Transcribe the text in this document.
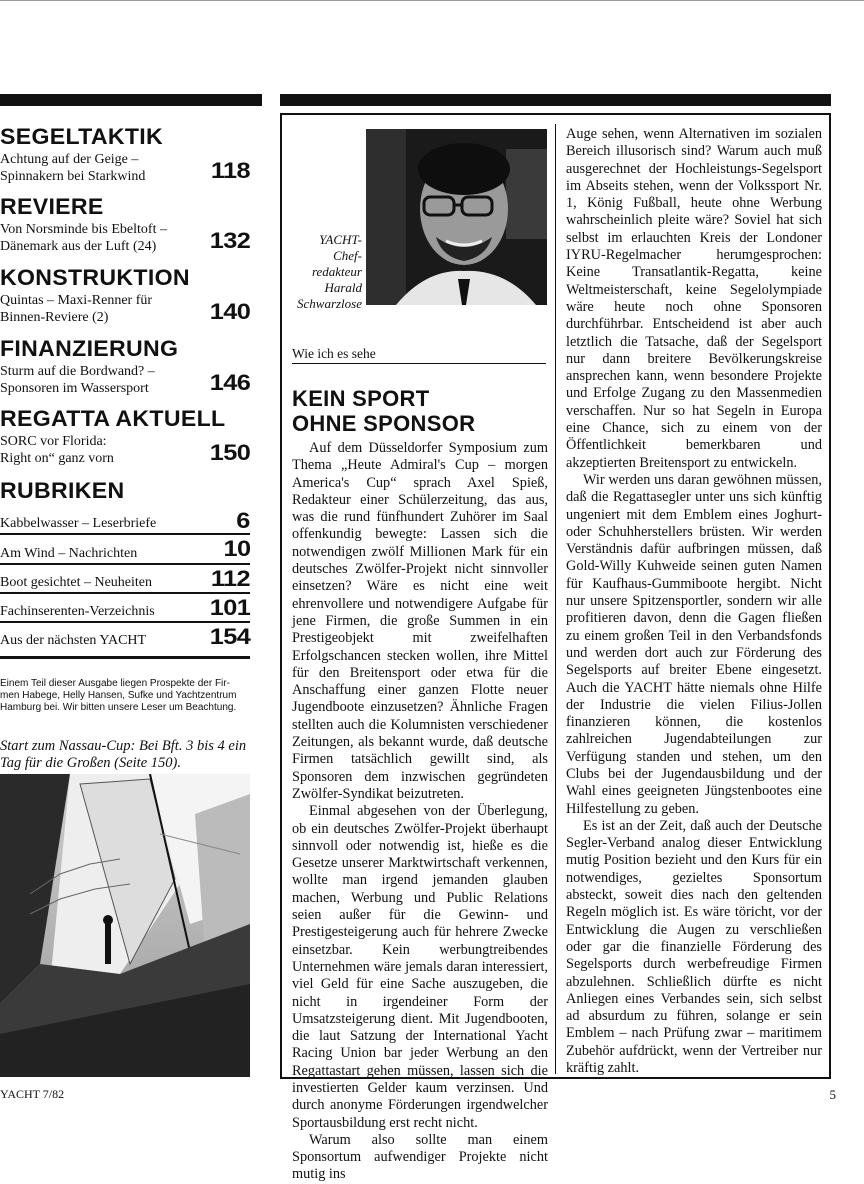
SEGELTAKTIK
Achtung auf der Geige –
Spinnakern bei Starkwind	118
REVIERE
Von Norsminde bis Ebeltoft –
Dänemark aus der Luft (24)	132
KONSTRUKTION
Quintas – Maxi-Renner für
Binnen-Reviere (2)	140
FINANZIERUNG
Sturm auf die Bordwand? –
Sponsoren im Wassersport	146
REGATTA AKTUELL
SORC vor Florida:
Right on“ ganz vorn	150
RUBRIKEN
Kabbelwasser – Leserbriefe	6
Am Wind – Nachrichten	10
Boot gesichtet – Neuheiten	112
Fachinserenten-Verzeichnis 101
Aus der nächsten YACHT	154
Einem Teil dieser Ausgabe liegen Prospekte der Fir-
men Habege, Helly Hansen, Sufke und Yachtzentrum
Hamburg bei. Wir bitten unsere Leser um Beachtung.
Start zum Nassau-Cup: Bei Bft. 3 bis 4 ein
Tag für die Großen (Seite 150).
YACHT 7/82	5
YACHT-
Chef-
redakteur
Harald
Schwarzlose
Wie ich es sehe
KEIN SPORT
OHNE SPONSOR

Auf dem Düsseldorfer Symposium zum Thema „Heute Admiral's Cup – morgen America's Cup“ sprach Axel Spieß, Redakteur einer Schülerzeitung, das aus, was die rund fünfhundert Zuhörer im Saal offenkundig bewegte: Lassen sich die notwendigen zwölf Millionen Mark für ein deutsches Zwölfer-Projekt nicht sinnvoller einsetzen? Wäre es nicht eine weit ehrenvollere und notwendigere Aufgabe für jene Firmen, die große Summen in ein Prestigeobjekt mit zweifelhaften Erfolgschancen stecken wollen, ihre Mittel für den Breitensport oder etwa für die Anschaffung einer ganzen Flotte neuer Jugendboote einzusetzen? Ähnliche Fragen stellten auch die Kolumnisten verschiedener Zeitungen, als bekannt wurde, daß deutsche Firmen tatsächlich gewillt sind, als Sponsoren dem inzwischen gegründeten Zwölfer-Syndikat beizutreten.

Einmal abgesehen von der Überlegung, ob ein deutsches Zwölfer-Projekt überhaupt sinnvoll oder notwendig ist, hieße es die Gesetze unserer Marktwirtschaft verkennen, wollte man irgend jemanden glauben machen, Werbung und Public Relations seien außer für die Gewinn- und Prestigesteigerung auch für hehrere Zwecke einsetzbar. Kein werbungtreibendes Unternehmen wäre jemals daran interessiert, viel Geld für eine Sache auszugeben, die nicht in irgendeiner Form der Umsatzsteigerung dient. Mit Jugendbooten, die laut Satzung der International Yacht Racing Union bar jeder Werbung an den Regattastart gehen müssen, lassen sich die investierten Gelder kaum verzinsen. Und durch anonyme Förderungen irgendwelcher Sportausbildung erst recht nicht.

Warum also sollte man einem Sponsortum aufwendiger Projekte nicht mutig ins

Auge sehen, wenn Alternativen im sozialen Bereich illusorisch sind? Warum auch muß ausgerechnet der Hochleistungs-Segelsport im Abseits stehen, wenn der Volkssport Nr. 1, König Fußball, heute ohne Werbung wahrscheinlich pleite wäre? Soviel hat sich selbst im erlauchten Kreis der Londoner IYRU-Regelmacher herumgesprochen: Keine Transatlantik-Regatta, keine Weltmeisterschaft, keine Segelolympiade wäre heute noch ohne Sponsoren durchführbar. Entscheidend ist aber auch letztlich die Tatsache, daß der Segelsport nur dann breitere Bevölkerungskreise ansprechen kann, wenn besondere Projekte und Erfolge Zugang zu den Massenmedien verschaffen. Nur so hat Segeln in Europa eine Chance, sich zu einem von der Öffentlichkeit bemerkbaren und akzeptierten Breitensport zu entwickeln.

Wir werden uns daran gewöhnen müssen, daß die Regattasegler unter uns sich künftig ungeniert mit dem Emblem eines Joghurt- oder Schuhherstellers brüsten. Wir werden Verständnis dafür aufbringen müssen, daß Gold-Willy Kuhweide seinen guten Namen für Kaufhaus-Gummiboote hergibt. Nicht nur unsere Spitzensportler, sondern wir alle profitieren davon, denn die Gagen fließen zu einem großen Teil in den Verbandsfonds und werden dort auch zur Förderung des Segelsports auf breiter Ebene eingesetzt. Auch die YACHT hätte niemals ohne Hilfe der Industrie die vielen Filius-Jollen finanzieren können, die kostenlos zahlreichen Jugendabteilungen zur Verfügung standen und stehen, um den Clubs bei der Jugendausbildung und der Wahl eines geeigneten Jüngstenbootes eine Hilfestellung zu geben.

Es ist an der Zeit, daß auch der Deutsche Segler-Verband analog dieser Entwicklung mutig Position bezieht und den Kurs für ein notwendiges, gezieltes Sponsortum absteckt, soweit dies nach den geltenden Regeln möglich ist. Es wäre töricht, vor der Entwicklung die Augen zu verschließen oder gar die finanzielle Förderung des Segelsports durch werbefreudige Firmen abzulehnen. Schließlich dürfte es nicht Anliegen eines Verbandes sein, sich selbst ad absurdum zu führen, solange er sein Emblem – nach Prüfung zwar – maritimem Zubehör aufdrückt, wenn der Vertreiber nur kräftig zahlt.
